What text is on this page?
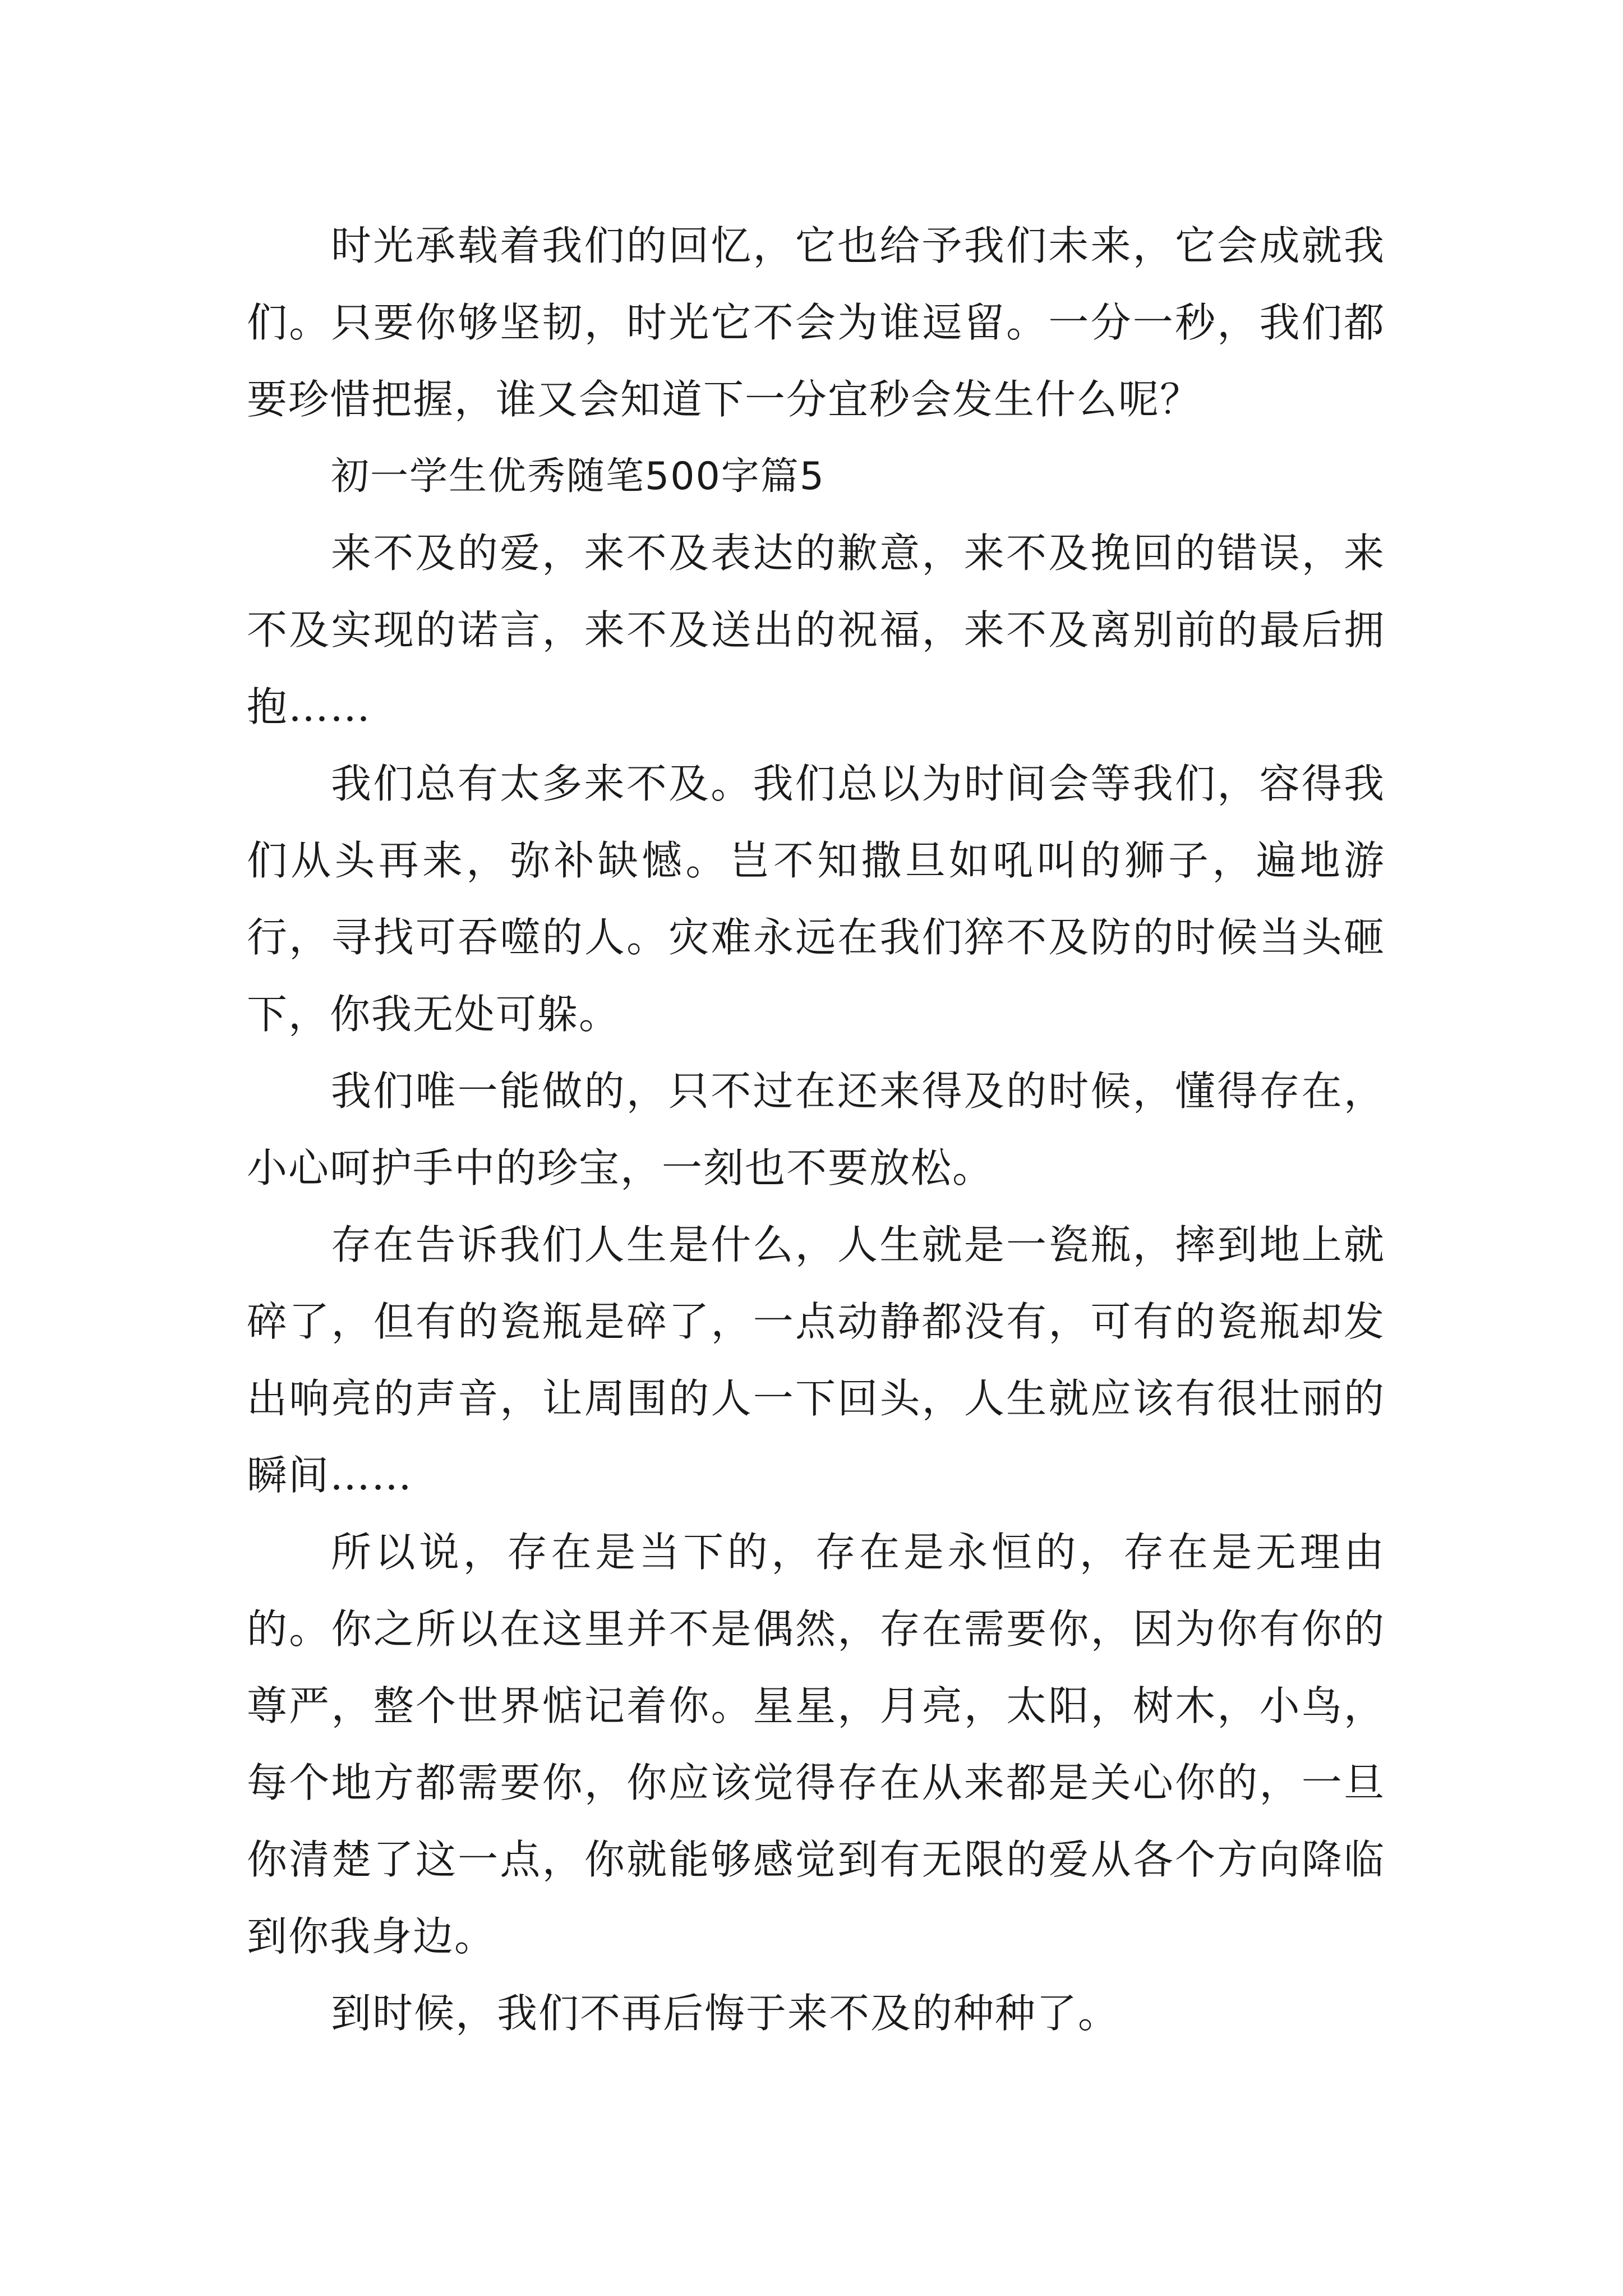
时光承载着我们的回忆，它也给予我们未来，它会成就我们。只要你够坚韧，时光它不会为谁逗留。一分一秒，我们都要珍惜把握，谁又会知道下一分宜秒会发生什么呢？

初一学生优秀随笔500字篇5

来不及的爱，来不及表达的歉意，来不及挽回的错误，来不及实现的诺言，来不及送出的祝福，来不及离别前的最后拥抱……

我们总有太多来不及。我们总以为时间会等我们，容得我们从头再来，弥补缺憾。岂不知撒旦如吼叫的狮子，遍地游行，寻找可吞噬的人。灾难永远在我们猝不及防的时候当头砸下，你我无处可躲。

我们唯一能做的，只不过在还来得及的时候，懂得存在，小心呵护手中的珍宝，一刻也不要放松。

存在告诉我们人生是什么，人生就是一瓷瓶，摔到地上就碎了，但有的瓷瓶是碎了，一点动静都没有，可有的瓷瓶却发出响亮的声音，让周围的人一下回头，人生就应该有很壮丽的瞬间……

所以说，存在是当下的，存在是永恒的，存在是无理由的。你之所以在这里并不是偶然，存在需要你，因为你有你的尊严，整个世界惦记着你。星星，月亮，太阳，树木，小鸟，每个地方都需要你，你应该觉得存在从来都是关心你的，一旦你清楚了这一点，你就能够感觉到有无限的爱从各个方向降临到你我身边。

到时候，我们不再后悔于来不及的种种了。
